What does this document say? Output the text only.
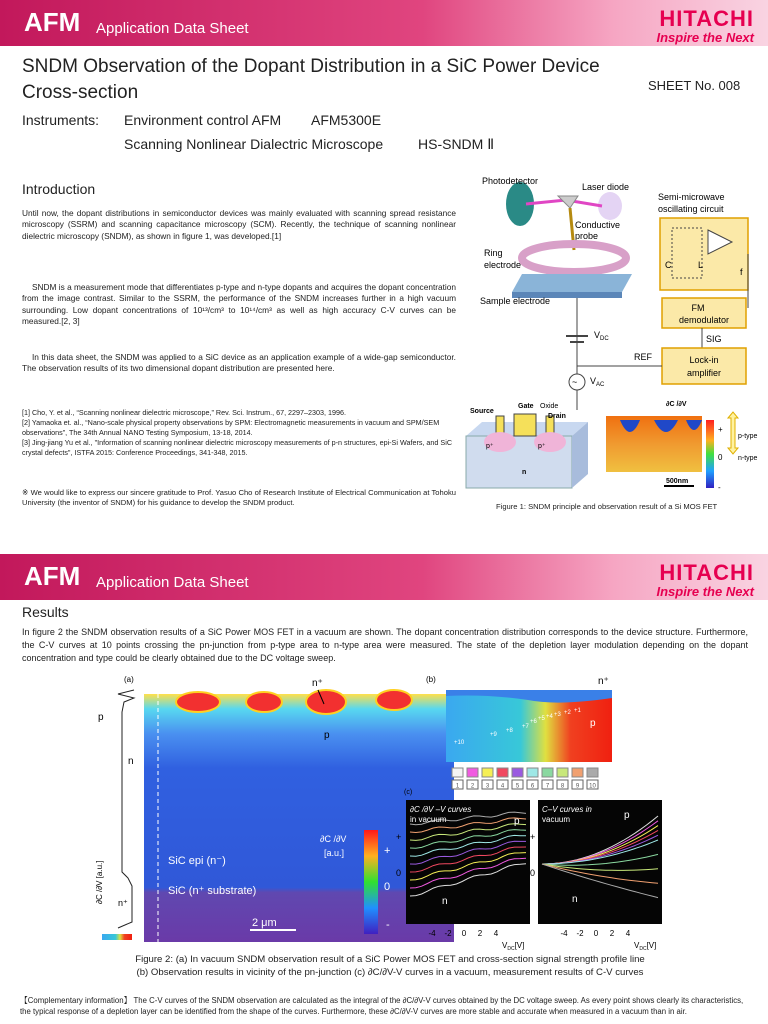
AFM Application Data Sheet	HITACHI
Inspire the Next
SNDM Observation of the Dopant Distribution in a SiC Power Device
Cross-section	SHEET No. 008
Instruments: Environment control AFM AFM5300E
Scanning Nonlinear Dialectric Microscope HS-SNDM Ⅱ
Introduction
Until now, the dopant distributions in semiconductor devices was mainly evaluated with scanning spread resistance microscopy (SSRM) and scanning capacitance microscopy (SCM). Recently, the technique of scanning nonlinear dielectric microscopy (SNDM), as shown in figure 1, was developed.[1]
SNDM is a measurement mode that differentiates p-type and n-type dopants and acquires the dopant concentration from the image contrast. Similar to the SSRM, the performance of the SNDM increases further in a high vacuum surrounding. Low dopant concentrations of 10¹³/cm³ to 10¹⁴/cm³ as well as high accuracy C-V curves can be measured.[2, 3]
In this data sheet, the SNDM was applied to a SiC device as an application example of a wide-gap semiconductor. The observation results of its two dimensional dopant distribution are presented here.
[1] Cho, Y. et al., “Scanning nonlinear dielectric microscope,” Rev. Sci. Instrum., 67, 2297–2303, 1996.
[2] Yamaoka et. al., “Nano-scale physical property observations by SPM: Electromagnetic measurements in vacuum and SPM/SEM observations”, The 34th Annual NANO Testing Symposium, 13-18, 2014.
[3] Jing-jiang Yu et al., "Information of scanning nonlinear dielectric microscopy measurements of p-n structures, epi-Si Wafers, and SiC crystal defects", ISTFA 2015: Conference Proceedings, 341-348, 2015.
※ We would like to express our sincere gratitude to Prof. Yasuo Cho of Research Institute of Electrical Communication at Tohoku University (the inventor of SNDM) for his guidance to develop the SNDM product.
Photodetector
Laser diode
Conductive
probe
Semi-microwave
oscillating circuit
C	L
f
Ring
electrode
Sample electrode
FM
demodulator
SIG
Lock-in
amplifier
REF
$V_{DC}$
~ $V_{AC}$
Source
Gate Oxide
Drain
p⁺	p⁺
n
∂C /∂V
+
0
-
p-type
n-type
500nm
Figure 1: SNDM principle and observation result of a Si MOS FET
AFM Application Data Sheet	HITACHI
Inspire the Next
Results
In figure 2 the SNDM observation results of a SiC Power MOS FET in a vacuum are shown. The dopant concentration distribution corresponds to the device structure. Furthermore, the C-V curves at 10 points crossing the pn-junction from p-type area to n-type area were measured. The state of the depletion layer modulation depending on the dopant concentration and type could be clearly obtained due to the DC voltage sweep.
(a)
p
n
n⁺
∂C /∂V [a.u.]
n⁺
p
∂C /∂V
[a.u.]	+
0
-
SiC epi (n⁻)
SiC (n⁺ substrate)
2 μm
(b)	n⁺
p
+1
+2
+3
+4
+5
+6
+7
+8
+9
+10
1 2 3 4 5 6 7 8 9 10
(c)
∂C /∂V –V curves
in vacuum
C–V curves in
vacuum
p
n
p
n
+
0
+
0
-4 -2 0 2 4	-4 -2 0 2 4
$V_{DC}[V]$	$V_{DC}[V]$
Figure 2: (a) In vacuum SNDM observation result of a SiC Power MOS FET and cross-section signal strength profile line
(b) Observation results in vicinity of the pn-junction (c) ∂C/∂V-V curves in a vacuum, measurement results of C-V curves
【Complementary information】 The C-V curves of the SNDM observation are calculated as the integral of the ∂C/∂V-V curves obtained by the DC voltage sweep. As every point shows clearly its characteristics, the typical response of a depletion layer can be identified from the shape of the curves. Furthermore, these ∂C/∂V-V curves are more stable and accurate when measured in a vacuum than in air.
